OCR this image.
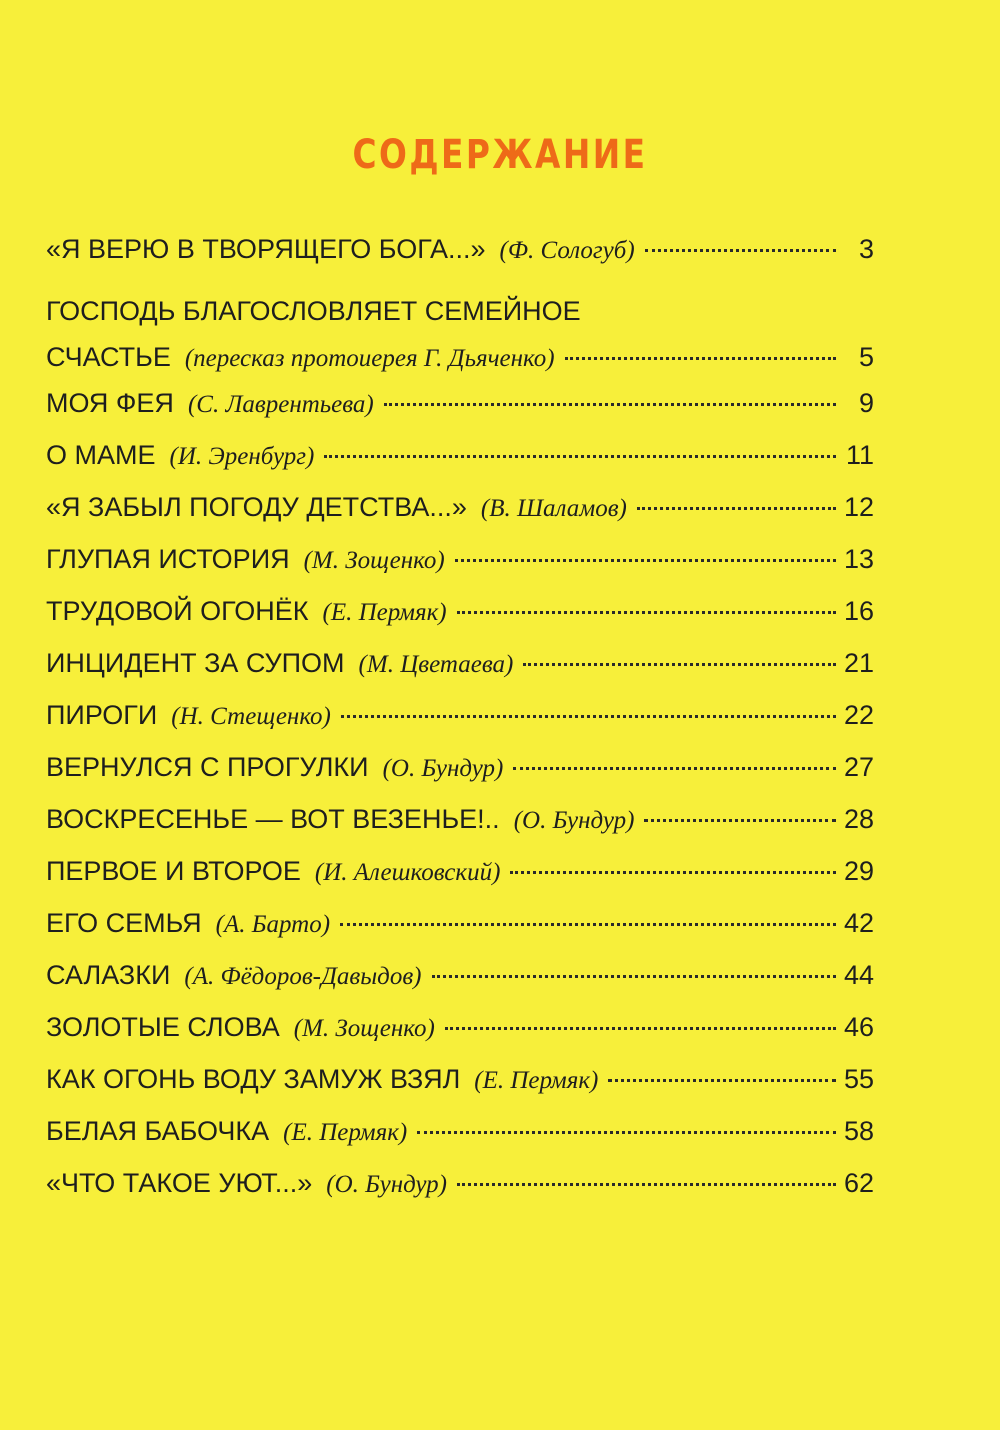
СОДЕРЖАНИЕ
«Я ВЕРЮ В ТВОРЯЩЕГО БОГА...» (Ф. Сологуб)	3
ГОСПОДЬ БЛАГОСЛОВЛЯЕТ СЕМЕЙНОЕ
СЧАСТЬЕ (пересказ протоиерея Г. Дьяченко)	5
МОЯ ФЕЯ (С. Лаврентьева)	9
О МАМЕ (И. Эренбург)	11
«Я ЗАБЫЛ ПОГОДУ ДЕТСТВА...» (В. Шаламов)	12
ГЛУПАЯ ИСТОРИЯ (М. Зощенко)	13
ТРУДОВОЙ ОГОНЁК (Е. Пермяк)	16
ИНЦИДЕНТ ЗА СУПОМ (М. Цветаева)	21
ПИРОГИ (Н. Стещенко)	22
ВЕРНУЛСЯ С ПРОГУЛКИ (О. Бундур)	27
ВОСКРЕСЕНЬЕ — ВОТ ВЕЗЕНЬЕ!.. (О. Бундур)	28
ПЕРВОЕ И ВТОРОЕ (И. Алешковский)	29
ЕГО СЕМЬЯ (А. Барто)	42
САЛАЗКИ (А. Фёдоров-Давыдов)	44
ЗОЛОТЫЕ СЛОВА (М. Зощенко)	46
КАК ОГОНЬ ВОДУ ЗАМУЖ ВЗЯЛ (Е. Пермяк)	55
БЕЛАЯ БАБОЧКА (Е. Пермяк)	58
«ЧТО ТАКОЕ УЮТ...» (О. Бундур)	62
